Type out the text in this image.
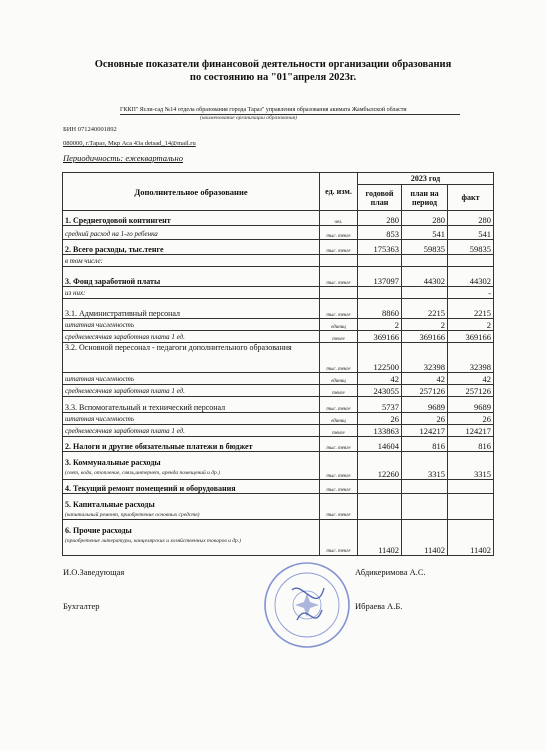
Основные показатели финансовой деятельности организации образования
по состоянию на "01"апреля 2023г.
ГККП" Ясли-сад №14 отдела образования города Тараз" управления образования акимата Жамбылской области
(наименование организации образования)
БИН 071240001892
080000, г.Тараз, Мкр Аса 43а detsad_14@mail.ru
Периодичность: ежеквартально
Дополнительное образование	ед. изм.	2023 год		
		годовой план	план на период	факт
1. Среднегодовой контингент	чел.	280	280	280
средний расход на 1-го ребенка	тыс. тенге	853	541	541
2. Всего расходы, тыс.тенге	тыс. тенге	175363	59835	59835
в том числе:				
3. Фонд заработной платы	тыс. тенге	137097	44302	44302
из них:				-
3.1. Административный персонал	тыс. тенге	8860	2215	2215
штатная численность	единиц	2	2	2
среднемесячная заработная плата 1 ед.	тенге	369166	369166	369166
3.2. Основной пересонал - педагоги дополнительного образования	тыс. тенге	122500	32398	32398
штатная численность	единиц	42	42	42
среднемесячная заработная плата 1 ед.	тенге	243055	257126	257126
3.3. Вспомогательный и технический персонал	тыс. тенге	5737	9689	9689
штатная численность	единиц	26	26	26
среднемесячная заработная плата 1 ед.	тенге	133863	124217	124217
2. Налоги и другие обязательные платежи в бюджет	тыс. тенге	14604	816	816
3. Коммунальные расходы
(свет, вода, отопление, связь,интернет, аренда помещений и др.)	тыс. тенге	12260	3315	3315
4. Текущий ремонт помещений и оборудования	тыс. тенге			
5. Капитальные расходы
(капитальный ремонт, приобретение основных средств)	тыс. тенге			
6. Прочие расходы
(приобретение литературы, канцелярских и хозяйственных товаров и др.)	тыс. тенге	11402	11402	11402
И.О.Заведующая	Абдикеримова А.С.
Бухгалтер	Ибраева А.Б.
